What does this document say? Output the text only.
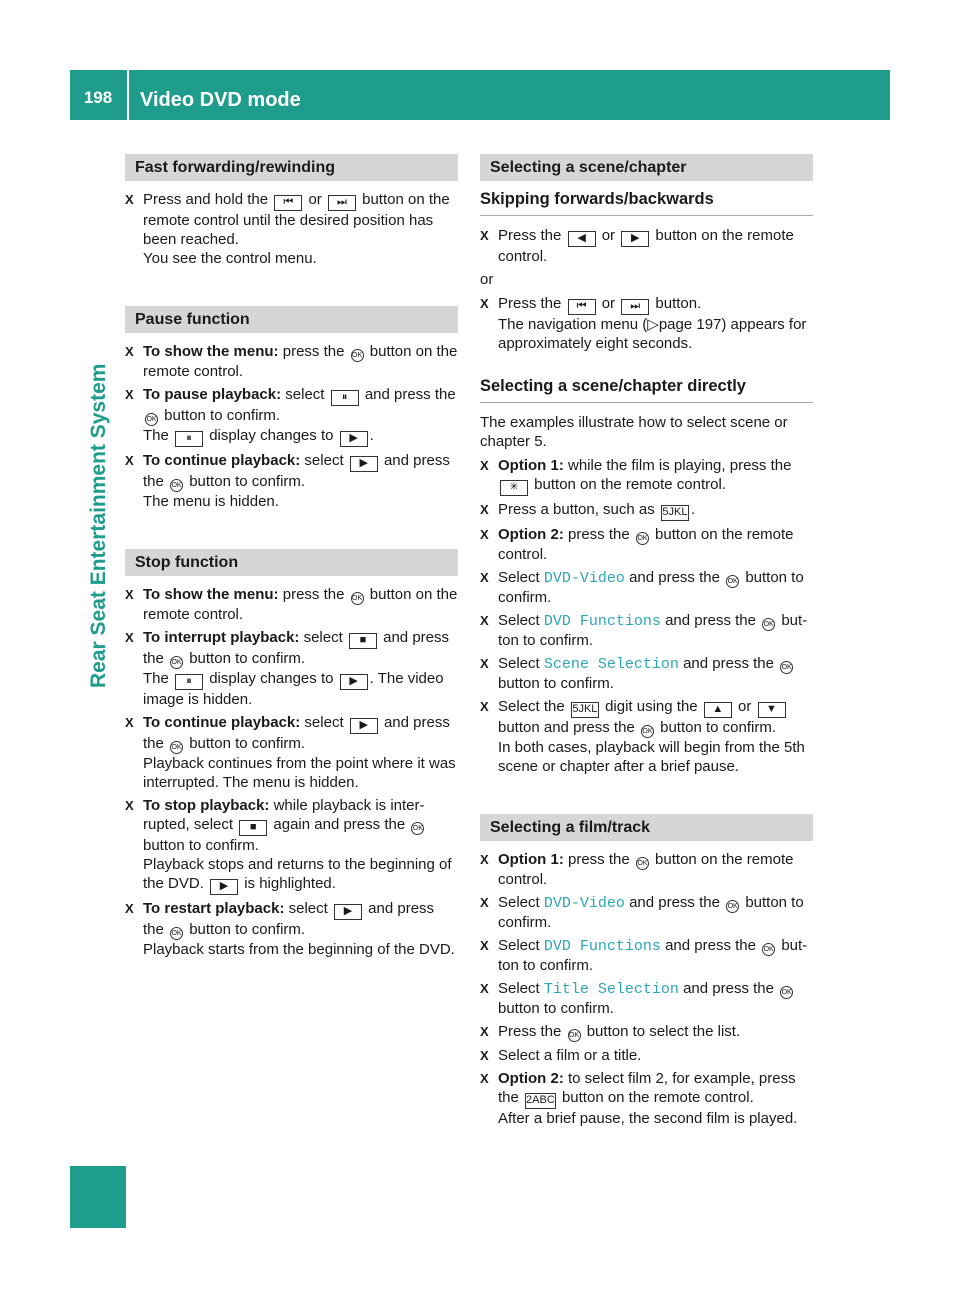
198	Video DVD mode
Rear Seat Entertainment System
Fast forwarding/rewinding
X Press and hold the ⏮ or ⏭ button on the remote control until the desired position has been reached.
You see the control menu.
Pause function
X To show the menu: press the OK button on the remote control.
X To pause playback: select ⏸ and press the OK button to confirm.
The ⏸ display changes to ▶ .
X To continue playback: select ▶ and press the OK button to confirm.
The menu is hidden.
Stop function
X To show the menu: press the OK button on the remote control.
X To interrupt playback: select ■ and press the OK button to confirm.
The ⏸ display changes to ▶ . The video image is hidden.
X To continue playback: select ▶ and press the OK button to confirm.
Playback continues from the point where it was interrupted. The menu is hidden.
X To stop playback: while playback is inter- rupted, select ■ again and press the OK button to confirm.
Playback stops and returns to the beginning of the DVD. ▶ is highlighted.
X To restart playback: select ▶ and press the OK button to confirm.
Playback starts from the beginning of the DVD.
Selecting a scene/chapter
Skipping forwards/backwards
X Press the ◀ or ▶ button on the remote control.

or

X Press the ⏮ or ⏭ button.
The navigation menu (▷page 197) appears for approximately eight seconds.
Selecting a scene/chapter directly

The examples illustrate how to select scene or chapter 5.

X Option 1: while the film is playing, press the
✳ button on the remote control.
X Press a button, such as 5JKL .
X Option 2: press the OK button on the remote control.
X Select DVD-Video and press the OK button to confirm.
X Select DVD Functions and press the OK but- ton to confirm.
X Select Scene Selection and press the OK button to confirm.
X Select the 5JKL digit using the ▲ or ▼ button and press the OK button to confirm.
In both cases, playback will begin from the 5th scene or chapter after a brief pause.
Selecting a film/track
X Option 1: press the OK button on the remote control.
X Select DVD-Video and press the OK button to confirm.
X Select DVD Functions and press the OK but- ton to confirm.
X Select Title Selection and press the OK button to confirm.
X Press the OK button to select the list.
X Select a film or a title.
X Option 2: to select film 2, for example, press the 2ABC button on the remote control.
After a brief pause, the second film is played.
